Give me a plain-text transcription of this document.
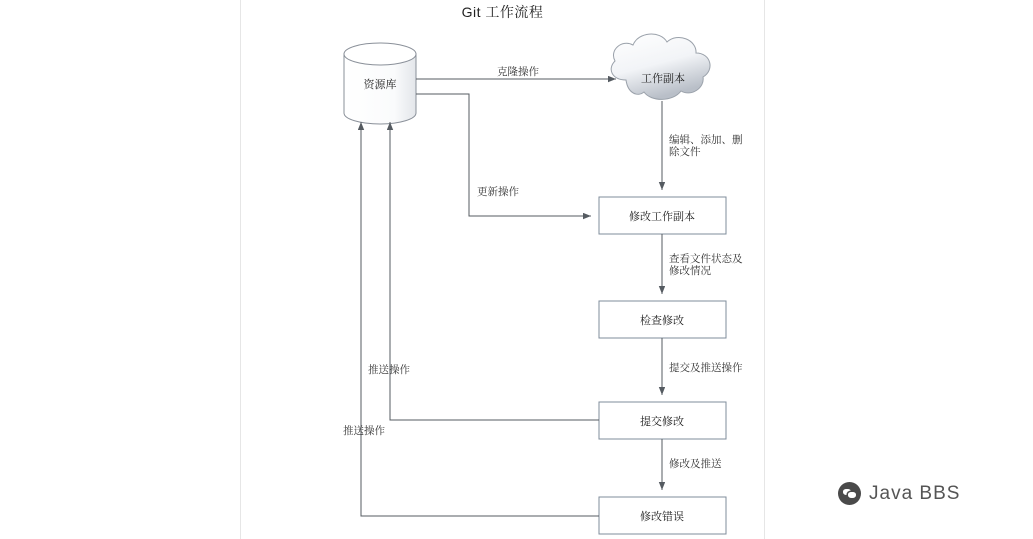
Git 工作流程
资源库	工作副本
修改工作副本
检查修改
提交修改
修改错误
克隆操作
编辑、添加、删
除文件
更新操作
查看文件状态及
修改情况
提交及推送操作
修改及推送
推送操作
推送操作
Java BBS
